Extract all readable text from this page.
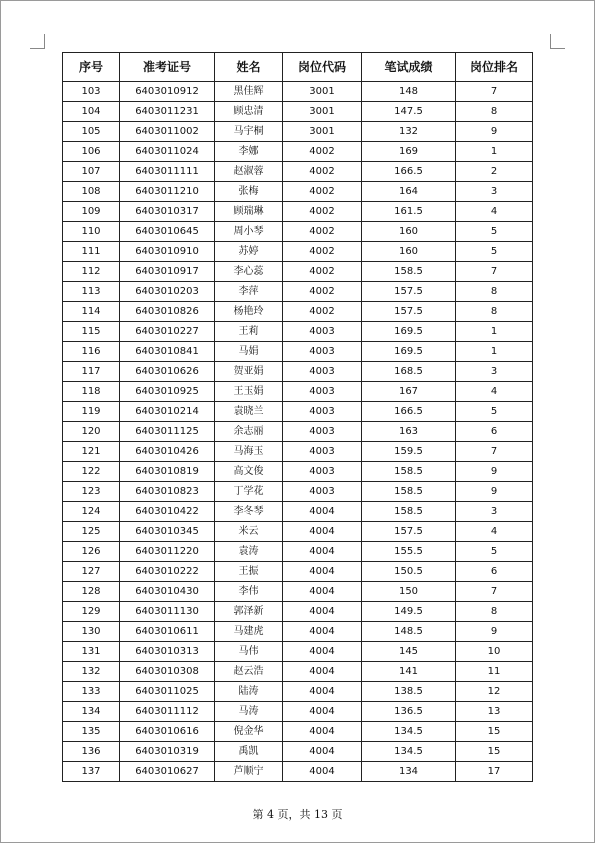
序号	准考证号	姓名	岗位代码	笔试成绩	岗位排名
103	6403010912	黑佳辉	3001	148	7
104	6403011231	顾忠清	3001	147.5	8
105	6403011002	马宇桐	3001	132	9
106	6403011024	李娜	4002	169	1
107	6403011111	赵淑蓉	4002	166.5	2
108	6403011210	张梅	4002	164	3
109	6403010317	顾瑞琳	4002	161.5	4
110	6403010645	周小琴	4002	160	5
111	6403010910	苏婷	4002	160	5
112	6403010917	李心蕊	4002	158.5	7
113	6403010203	李萍	4002	157.5	8
114	6403010826	杨艳玲	4002	157.5	8
115	6403010227	王莉	4003	169.5	1
116	6403010841	马娟	4003	169.5	1
117	6403010626	贺亚娟	4003	168.5	3
118	6403010925	王玉娟	4003	167	4
119	6403010214	袁晓兰	4003	166.5	5
120	6403011125	余志丽	4003	163	6
121	6403010426	马海玉	4003	159.5	7
122	6403010819	高文俊	4003	158.5	9
123	6403010823	丁学花	4003	158.5	9
124	6403010422	李冬琴	4004	158.5	3
125	6403010345	米云	4004	157.5	4
126	6403011220	袁涛	4004	155.5	5
127	6403010222	王振	4004	150.5	6
128	6403010430	李伟	4004	150	7
129	6403011130	郭泽新	4004	149.5	8
130	6403010611	马建虎	4004	148.5	9
131	6403010313	马伟	4004	145	10
132	6403010308	赵云浩	4004	141	11
133	6403011025	陆涛	4004	138.5	12
134	6403011112	马涛	4004	136.5	13
135	6403010616	倪金华	4004	134.5	15
136	6403010319	禹凯	4004	134.5	15
137	6403010627	芦顺宁	4004	134	17
第 4 页，共 13 页
